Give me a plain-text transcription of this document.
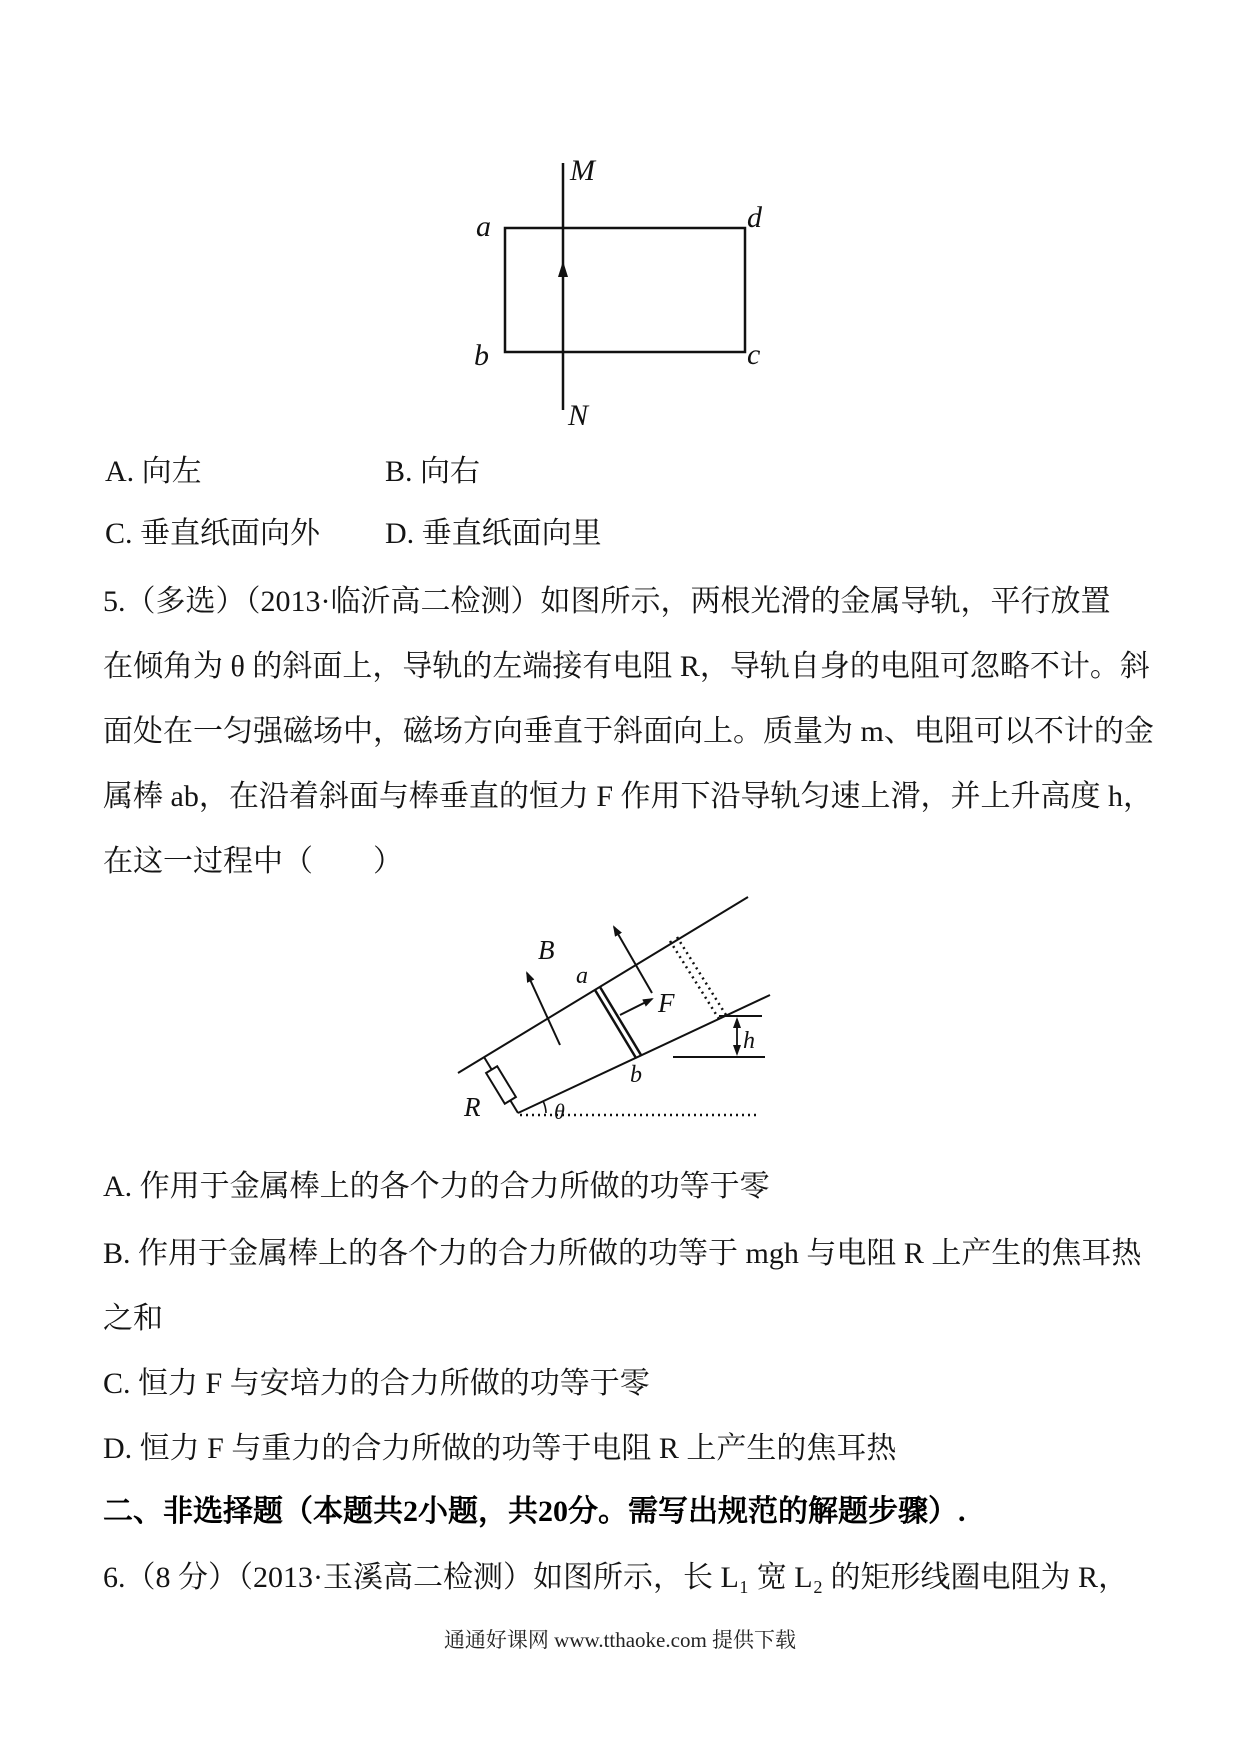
M
a	d
b	c
N
A. 向左	B. 向右
C. 垂直纸面向外 D. 垂直纸面向里
5.（多选）（2013·临沂高二检测）如图所示，两根光滑的金属导轨，平行放置
在倾角为 θ 的斜面上，导轨的左端接有电阻 R，导轨自身的电阻可忽略不计。斜
面处在一匀强磁场中，磁场方向垂直于斜面向上。质量为 m、电阻可以不计的金
属棒 ab，在沿着斜面与棒垂直的恒力 F 作用下沿导轨匀速上滑，并上升高度 h，
在这一过程中（　　）
B
a
F
b
R	θ
h
A. 作用于金属棒上的各个力的合力所做的功等于零
B. 作用于金属棒上的各个力的合力所做的功等于 mgh 与电阻 R 上产生的焦耳热
之和
C. 恒力 F 与安培力的合力所做的功等于零
D. 恒力 F 与重力的合力所做的功等于电阻 R 上产生的焦耳热
二、非选择题（本题共2小题，共20分。需写出规范的解题步骤）.
6.（8 分）（2013·玉溪高二检测）如图所示，长 L₁ 宽 L₂ 的矩形线圈电阻为 R，
通通好课网 www.tthaoke.com 提供下载
